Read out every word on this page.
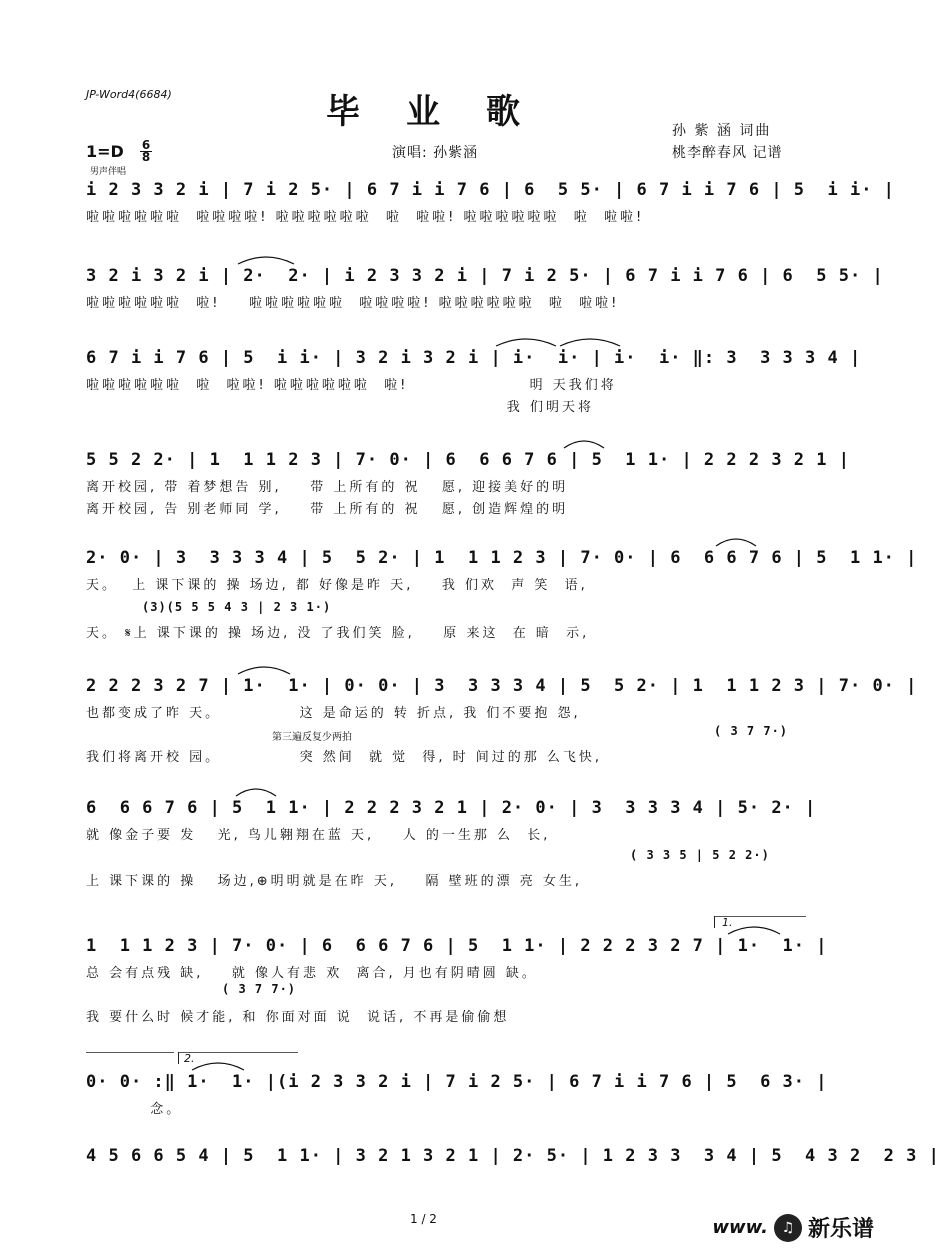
JP-Word4(6684)	毕业歌	孙 紫 涵 词曲
桃李醉春风 记谱
演唱: 孙紫涵
$1=D \frac{6}{8}$
男声伴唱
i 2 3 3 2 i | 7 i 2 5· | 6 7 i i 7 6 | 6  5 5· | 6 7 i i 7 6 | 5  i i· |
啦啦啦啦啦啦  啦啦啦啦! 啦啦啦啦啦啦  啦  啦啦! 啦啦啦啦啦啦  啦  啦啦!
3 2 i 3 2 i | 2·  2· | i 2 3 3 2 i | 7 i 2 5· | 6 7 i i 7 6 | 6  5 5· |
啦啦啦啦啦啦  啦!    啦啦啦啦啦啦  啦啦啦啦! 啦啦啦啦啦啦  啦  啦啦!
6 7 i i 7 6 | 5  i i· | 3 2 i 3 2 i | i·  i· | i·  i· ‖: 3  3 3 3 4 |
啦啦啦啦啦啦  啦  啦啦! 啦啦啦啦啦啦  啦!                 明 天我们将
我 们明天将
5 5 2 2· | 1  1 1 2 3 | 7· 0· | 6  6 6 7 6 | 5  1 1· | 2 2 2 3 2 1 |
离开校园, 带 着梦想告 别,    带 上所有的 祝   愿, 迎接美好的明
离开校园, 告 别老师同 学,    带 上所有的 祝   愿, 创造辉煌的明
2· 0· | 3  3 3 3 4 | 5  5 2· | 1  1 1 2 3 | 7· 0· | 6  6 6 7 6 | 5  1 1· |
天。  上 课下课的 操 场边, 都 好像是昨 天,    我 们欢  声 笑  语,
(3)(5 5 5 4 3 | 2 3 1·)
天。 𝄋上 课下课的 操 场边, 没 了我们笑 脸,    原 来这  在 暗  示,
2 2 2 3 2 7 | 1·  1· | 0· 0· | 3  3 3 3 4 | 5  5 2· | 1  1 1 2 3 | 7· 0· |
也都变成了昨 天。           这 是命运的 转 折点, 我 们不要抱 怨,
第三遍反复少两拍	( 3 7 7·)
我们将离开校 园。           突 然间  就 觉  得, 时 间过的那 么飞快,
6  6 6 7 6 | 5  1 1· | 2 2 2 3 2 1 | 2· 0· | 3  3 3 3 4 | 5· 2· |
就 像金子要 发   光, 鸟儿翱翔在蓝 天,    人 的一生那 么  长,
( 3 3 5 | 5 2 2·)
上 课下课的 操   场边,⊕明明就是在昨 天,    隔 壁班的漂 亮 女生,
1.
1  1 1 2 3 | 7· 0· | 6  6 6 7 6 | 5  1 1· | 2 2 2 3 2 7 | 1·  1· |
总 会有点残 缺,    就 像人有悲 欢  离合, 月也有阴晴圆 缺。
( 3 7 7·)
我 要什么时 候才能, 和 你面对面 说  说话, 不再是偷偷想
2.
0· 0· :‖ 1·  1· |(i 2 3 3 2 i | 7 i 2 5· | 6 7 i i 7 6 | 5  6 3· |
念。
4 5 6 6 5 4 | 5  1 1· | 3 2 1 3 2 1 | 2· 5· | 1 2 3 3  3 4 | 5  4 3 2  2 3 |
1 / 2	www. ♫ 新乐谱
